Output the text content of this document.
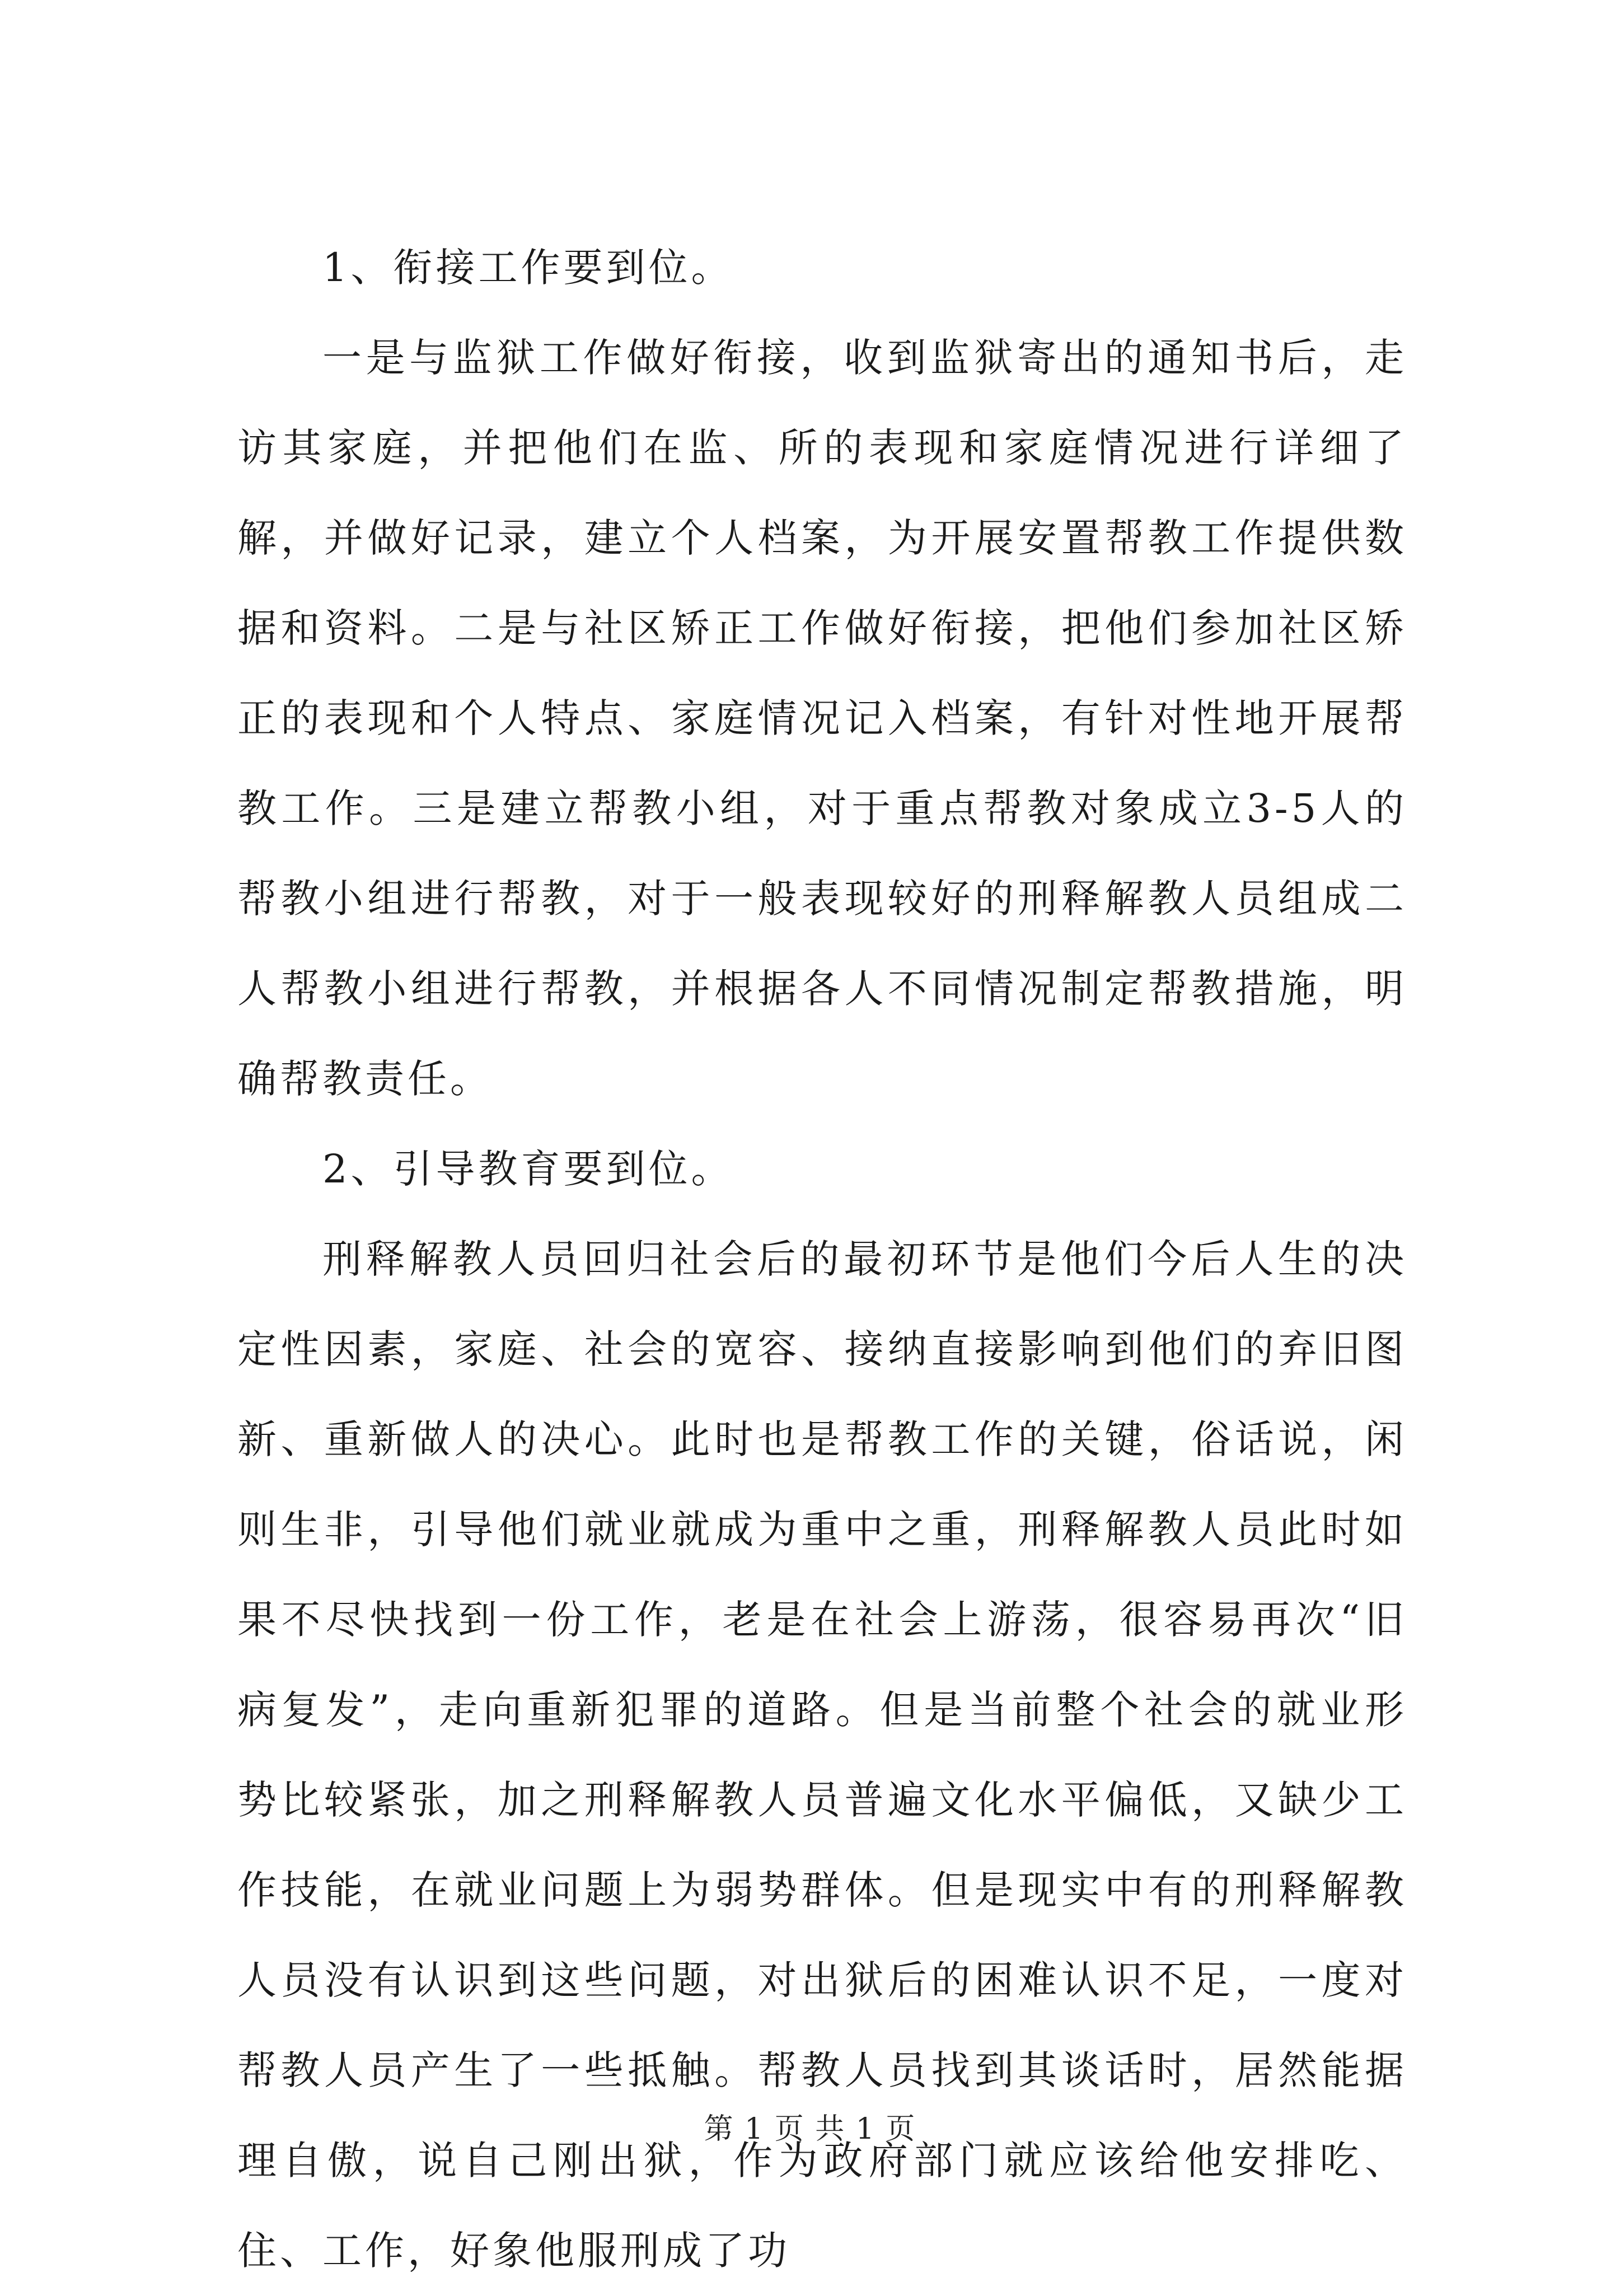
1、衔接工作要到位。

一是与监狱工作做好衔接，收到监狱寄出的通知书后，走访其家庭，并把他们在监、所的表现和家庭情况进行详细了解，并做好记录，建立个人档案，为开展安置帮教工作提供数据和资料。二是与社区矫正工作做好衔接，把他们参加社区矫正的表现和个人特点、家庭情况记入档案，有针对性地开展帮教工作。三是建立帮教小组，对于重点帮教对象成立3-5人的帮教小组进行帮教，对于一般表现较好的刑释解教人员组成二人帮教小组进行帮教，并根据各人不同情况制定帮教措施，明确帮教责任。

2、引导教育要到位。

刑释解教人员回归社会后的最初环节是他们今后人生的决定性因素，家庭、社会的宽容、接纳直接影响到他们的弃旧图新、重新做人的决心。此时也是帮教工作的关键，俗话说，闲则生非，引导他们就业就成为重中之重，刑释解教人员此时如果不尽快找到一份工作，老是在社会上游荡，很容易再次“旧病复发”，走向重新犯罪的道路。但是当前整个社会的就业形势比较紧张，加之刑释解教人员普遍文化水平偏低，又缺少工作技能，在就业问题上为弱势群体。但是现实中有的刑释解教人员没有认识到这些问题，对出狱后的困难认识不足，一度对帮教人员产生了一些抵触。帮教人员找到其谈话时，居然能据理自傲，说自己刚出狱，作为政府部门就应该给他安排吃、住、工作，好象他服刑成了功

第 1 页 共 1 页
